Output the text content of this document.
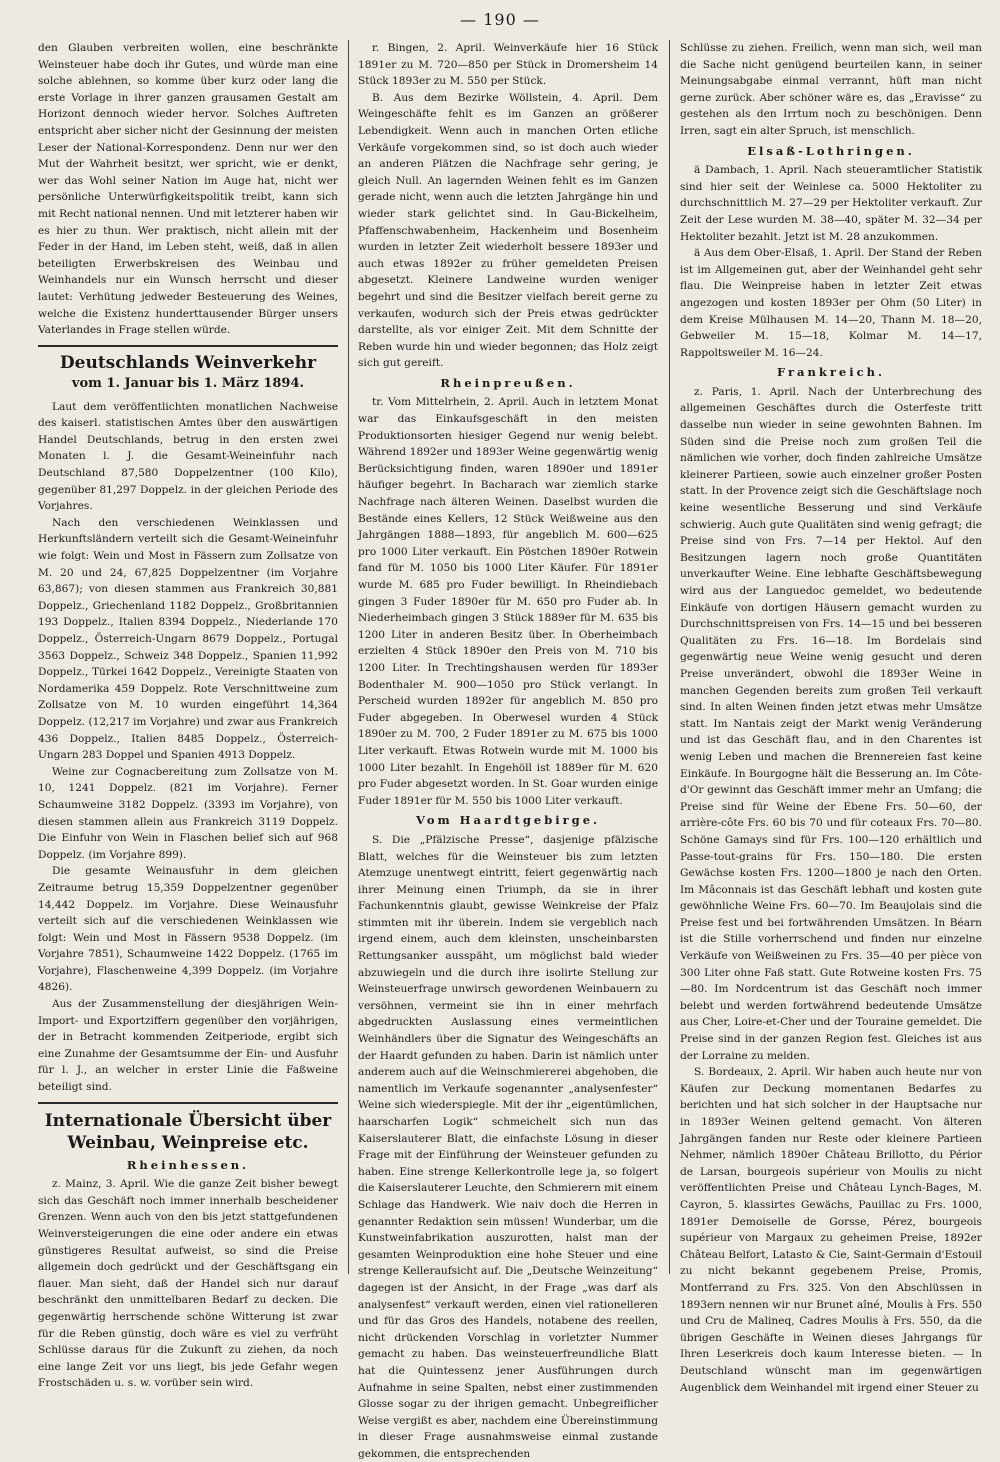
— 190 —

den Glauben verbreiten wollen, eine beschränkte Weinsteuer habe doch ihr Gutes, und würde man eine solche ablehnen, so komme über kurz oder lang die erste Vorlage in ihrer ganzen grausamen Gestalt am Horizont dennoch wieder hervor. Solches Auftreten entspricht aber sicher nicht der Gesinnung der meisten Leser der National-Korrespondenz. Denn nur wer den Mut der Wahrheit besitzt, wer spricht, wie er denkt, wer das Wohl seiner Nation im Auge hat, nicht wer persönliche Unterwürfigkeitspolitik treibt, kann sich mit Recht national nennen. Und mit letzterer haben wir es hier zu thun. Wer praktisch, nicht allein mit der Feder in der Hand, im Leben steht, weiß, daß in allen beteiligten Erwerbskreisen des Weinbau und Weinhandels nur ein Wunsch herrscht und dieser lautet: Verhütung jedweder Besteuerung des Weines, welche die Existenz hunderttausender Bürger unsers Vaterlandes in Frage stellen würde.

Deutschlands Weinverkehr
vom 1. Januar bis 1. März 1894.

Laut dem veröffentlichten monatlichen Nachweise des kaiserl. statistischen Amtes über den auswärtigen Handel Deutschlands, betrug in den ersten zwei Monaten l. J. die Gesamt-Weineinfuhr nach Deutschland 87,580 Doppelzentner (100 Kilo), gegenüber 81,297 Doppelz. in der gleichen Periode des Vorjahres.

Nach den verschiedenen Weinklassen und Herkunftsländern verteilt sich die Gesamt-Weineinfuhr wie folgt: Wein und Most in Fässern zum Zollsatze von M. 20 und 24, 67,825 Doppelzentner (im Vorjahre 63,867); von diesen stammen aus Frankreich 30,881 Doppelz., Griechenland 1182 Doppelz., Großbritannien 193 Doppelz., Italien 8394 Doppelz., Niederlande 170 Doppelz., Österreich-Ungarn 8679 Doppelz., Portugal 3563 Doppelz., Schweiz 348 Doppelz., Spanien 11,992 Doppelz., Türkei 1642 Doppelz., Vereinigte Staaten von Nordamerika 459 Doppelz. Rote Verschnittweine zum Zollsatze von M. 10 wurden eingeführt 14,364 Doppelz. (12,217 im Vorjahre) und zwar aus Frankreich 436 Doppelz., Italien 8485 Doppelz., Österreich-Ungarn 283 Doppel und Spanien 4913 Doppelz.

Weine zur Cognacbereitung zum Zollsatze von M. 10, 1241 Doppelz. (821 im Vorjahre). Ferner Schaumweine 3182 Doppelz. (3393 im Vorjahre), von diesen stammen allein aus Frankreich 3119 Doppelz. Die Einfuhr von Wein in Flaschen belief sich auf 968 Doppelz. (im Vorjahre 899).

Die gesamte Weinausfuhr in dem gleichen Zeitraume betrug 15,359 Doppelzentner gegenüber 14,442 Doppelz. im Vorjahre. Diese Weinausfuhr verteilt sich auf die verschiedenen Weinklassen wie folgt: Wein und Most in Fässern 9538 Doppelz. (im Vorjahre 7851), Schaumweine 1422 Doppelz. (1765 im Vorjahre), Flaschenweine 4,399 Doppelz. (im Vorjahre 4826).

Aus der Zusammenstellung der diesjährigen Wein-Import- und Exportziffern gegenüber den vorjährigen, der in Betracht kommenden Zeitperiode, ergibt sich eine Zunahme der Gesamtsumme der Ein- und Ausfuhr für l. J., an welcher in erster Linie die Faßweine beteiligt sind.

Internationale Übersicht über Weinbau, Weinpreise etc.
Rheinhessen.

z. Mainz, 3. April. Wie die ganze Zeit bisher bewegt sich das Geschäft noch immer innerhalb bescheidener Grenzen. Wenn auch von den bis jetzt stattgefundenen Weinversteigerungen die eine oder andere ein etwas günstigeres Resultat aufweist, so sind die Preise allgemein doch gedrückt und der Geschäftsgang ein flauer. Man sieht, daß der Handel sich nur darauf beschränkt den unmittelbaren Bedarf zu decken. Die gegenwärtig herrschende schöne Witterung ist zwar für die Reben günstig, doch wäre es viel zu verfrüht Schlüsse daraus für die Zukunft zu ziehen, da noch eine lange Zeit vor uns liegt, bis jede Gefahr wegen Frostschäden u. s. w. vorüber sein wird.

r. Bingen, 2. April. Weinverkäufe hier 16 Stück 1891er zu M. 720—850 per Stück in Dromersheim 14 Stück 1893er zu M. 550 per Stück.

B. Aus dem Bezirke Wöllstein, 4. April. Dem Weingeschäfte fehlt es im Ganzen an größerer Lebendigkeit. Wenn auch in manchen Orten etliche Verkäufe vorgekommen sind, so ist doch auch wieder an anderen Plätzen die Nachfrage sehr gering, je gleich Null. An lagernden Weinen fehlt es im Ganzen gerade nicht, wenn auch die letzten Jahrgänge hin und wieder stark gelichtet sind. In Gau-Bickelheim, Pfaffenschwabenheim, Hackenheim und Bosenheim wurden in letzter Zeit wiederholt bessere 1893er und auch etwas 1892er zu früher gemeldeten Preisen abgesetzt. Kleinere Landweine wurden weniger begehrt und sind die Besitzer vielfach bereit gerne zu verkaufen, wodurch sich der Preis etwas gedrückter darstellte, als vor einiger Zeit. Mit dem Schnitte der Reben wurde hin und wieder begonnen; das Holz zeigt sich gut gereift.

Rheinpreußen.

tr. Vom Mittelrhein, 2. April. Auch in letztem Monat war das Einkaufsgeschäft in den meisten Produktionsorten hiesiger Gegend nur wenig belebt. Während 1892er und 1893er Weine gegenwärtig wenig Berücksichtigung finden, waren 1890er und 1891er häufiger begehrt. In Bacharach war ziemlich starke Nachfrage nach älteren Weinen. Daselbst wurden die Bestände eines Kellers, 12 Stück Weißweine aus den Jahrgängen 1888—1893, für angeblich M. 600—625 pro 1000 Liter verkauft. Ein Pöstchen 1890er Rotwein fand für M. 1050 bis 1000 Liter Käufer. Für 1891er wurde M. 685 pro Fuder bewilligt. In Rheindiebach gingen 3 Fuder 1890er für M. 650 pro Fuder ab. In Niederheimbach gingen 3 Stück 1889er für M. 635 bis 1200 Liter in anderen Besitz über. In Oberheimbach erzielten 4 Stück 1890er den Preis von M. 710 bis 1200 Liter. In Trechtingshausen werden für 1893er Bodenthaler M. 900—1050 pro Stück verlangt. In Perscheid wurden 1892er für angeblich M. 850 pro Fuder abgegeben. In Oberwesel wurden 4 Stück 1890er zu M. 700, 2 Fuder 1891er zu M. 675 bis 1000 Liter verkauft. Etwas Rotwein wurde mit M. 1000 bis 1000 Liter bezahlt. In Engehöll ist 1889er für M. 620 pro Fuder abgesetzt worden. In St. Goar wurden einige Fuder 1891er für M. 550 bis 1000 Liter verkauft.

Vom Haardtgebirge.

S. Die „Pfälzische Presse“, dasjenige pfälzische Blatt, welches für die Weinsteuer bis zum letzten Atemzuge unentwegt eintritt, feiert gegenwärtig nach ihrer Meinung einen Triumph, da sie in ihrer Fachunkenntnis glaubt, gewisse Weinkreise der Pfalz stimmten mit ihr überein. Indem sie vergeblich nach irgend einem, auch dem kleinsten, unscheinbarsten Rettungsanker ausspäht, um möglichst bald wieder abzuwiegeln und die durch ihre isolirte Stellung zur Weinsteuerfrage unwirsch gewordenen Weinbauern zu versöhnen, vermeint sie ihn in einer mehrfach abgedruckten Auslassung eines vermeintlichen Weinhändlers über die Signatur des Weingeschäfts an der Haardt gefunden zu haben. Darin ist nämlich unter anderem auch auf die Weinschmiererei abgehoben, die namentlich im Verkaufe sogenannter „analysenfester“ Weine sich wiederspiegle. Mit der ihr „eigentümlichen, haarscharfen Logik“ schmeichelt sich nun das Kaiserslauterer Blatt, die einfachste Lösung in dieser Frage mit der Einführung der Weinsteuer gefunden zu haben. Eine strenge Kellerkontrolle lege ja, so folgert die Kaiserslauterer Leuchte, den Schmierern mit einem Schlage das Handwerk. Wie naiv doch die Herren in genannter Redaktion sein müssen! Wunderbar, um die Kunstweinfabrikation auszurotten, halst man der gesamten Weinproduktion eine hohe Steuer und eine strenge Kelleraufsicht auf. Die „Deutsche Weinzeitung“ dagegen ist der Ansicht, in der Frage „was darf als analysenfest“ verkauft werden, einen viel rationelleren und für das Gros des Handels, notabene des reellen, nicht drückenden Vorschlag in vorletzter Nummer gemacht zu haben. Das weinsteuerfreundliche Blatt hat die Quintessenz jener Ausführungen durch Aufnahme in seine Spalten, nebst einer zustimmenden Glosse sogar zu der ihrigen gemacht. Unbegreiflicher Weise vergißt es aber, nachdem eine Übereinstimmung in dieser Frage ausnahmsweise einmal zustande gekommen, die entsprechenden

Schlüsse zu ziehen. Freilich, wenn man sich, weil man die Sache nicht genügend beurteilen kann, in seiner Meinungsabgabe einmal verrannt, hüft man nicht gerne zurück. Aber schöner wäre es, das „Eravisse“ zu gestehen als den Irrtum noch zu beschönigen. Denn Irren, sagt ein alter Spruch, ist menschlich.

Elsaß-Lothringen.

ä Dambach, 1. April. Nach steueramtlicher Statistik sind hier seit der Weinlese ca. 5000 Hektoliter zu durchschnittlich M. 27—29 per Hektoliter verkauft. Zur Zeit der Lese wurden M. 38—40, später M. 32—34 per Hektoliter bezahlt. Jetzt ist M. 28 anzukommen.

ä Aus dem Ober-Elsaß, 1. April. Der Stand der Reben ist im Allgemeinen gut, aber der Weinhandel geht sehr flau. Die Weinpreise haben in letzter Zeit etwas angezogen und kosten 1893er per Ohm (50 Liter) in dem Kreise Mülhausen M. 14—20, Thann M. 18—20, Gebweiler M. 15—18, Kolmar M. 14—17, Rappoltsweiler M. 16—24.

Frankreich.

z. Paris, 1. April. Nach der Unterbrechung des allgemeinen Geschäftes durch die Osterfeste tritt dasselbe nun wieder in seine gewohnten Bahnen. Im Süden sind die Preise noch zum großen Teil die nämlichen wie vorher, doch finden zahlreiche Umsätze kleinerer Partieen, sowie auch einzelner großer Posten statt. In der Provence zeigt sich die Geschäftslage noch keine wesentliche Besserung und sind Verkäufe schwierig. Auch gute Qualitäten sind wenig gefragt; die Preise sind von Frs. 7—14 per Hektol. Auf den Besitzungen lagern noch große Quantitäten unverkaufter Weine. Eine lebhafte Geschäftsbewegung wird aus der Languedoc gemeldet, wo bedeutende Einkäufe von dortigen Häusern gemacht wurden zu Durchschnittspreisen von Frs. 14—15 und bei besseren Qualitäten zu Frs. 16—18. Im Bordelais sind gegenwärtig neue Weine wenig gesucht und deren Preise unverändert, obwohl die 1893er Weine in manchen Gegenden bereits zum großen Teil verkauft sind. In alten Weinen finden jetzt etwas mehr Umsätze statt. Im Nantais zeigt der Markt wenig Veränderung und ist das Geschäft flau, and in den Charentes ist wenig Leben und machen die Brennereien fast keine Einkäufe. In Bourgogne hält die Besserung an. Im Côte-d'Or gewinnt das Geschäft immer mehr an Umfang; die Preise sind für Weine der Ebene Frs. 50—60, der arrière-côte Frs. 60 bis 70 und für coteaux Frs. 70—80. Schöne Gamays sind für Frs. 100—120 erhältlich und Passe-tout-grains für Frs. 150—180. Die ersten Gewächse kosten Frs. 1200—1800 je nach den Orten. Im Mâconnais ist das Geschäft lebhaft und kosten gute gewöhnliche Weine Frs. 60—70. Im Beaujolais sind die Preise fest und bei fortwährenden Umsätzen. In Béarn ist die Stille vorherrschend und finden nur einzelne Verkäufe von Weißweinen zu Frs. 35—40 per pièce von 300 Liter ohne Faß statt. Gute Rotweine kosten Frs. 75—80. Im Nordcentrum ist das Geschäft noch immer belebt und werden fortwährend bedeutende Umsätze aus Cher, Loire-et-Cher und der Touraine gemeldet. Die Preise sind in der ganzen Region fest. Gleiches ist aus der Lorraine zu melden.

S. Bordeaux, 2. April. Wir haben auch heute nur von Käufen zur Deckung momentanen Bedarfes zu berichten und hat sich solcher in der Hauptsache nur in 1893er Weinen geltend gemacht. Von älteren Jahrgängen fanden nur Reste oder kleinere Partieen Nehmer, nämlich 1890er Château Brillotto, du Périor de Larsan, bourgeois supérieur von Moulis zu nicht veröffentlichten Preise und Château Lynch-Bages, M. Cayron, 5. klassirtes Gewächs, Pauillac zu Frs. 1000, 1891er Demoiselle de Gorsse, Pérez, bourgeois supérieur von Margaux zu geheimen Preise, 1892er Château Belfort, Latasto & Cie, Saint-Germain d'Estouil zu nicht bekannt gegebenem Preise, Promis, Montferrand zu Frs. 325. Von den Abschlüssen in 1893ern nennen wir nur Brunet aîné, Moulis à Frs. 550 und Cru de Malineq, Cadres Moulis à Frs. 550, da die übrigen Geschäfte in Weinen dieses Jahrgangs für Ihren Leserkreis doch kaum Interesse bieten. — In Deutschland wünscht man im gegenwärtigen Augenblick dem Weinhandel mit irgend einer Steuer zu
